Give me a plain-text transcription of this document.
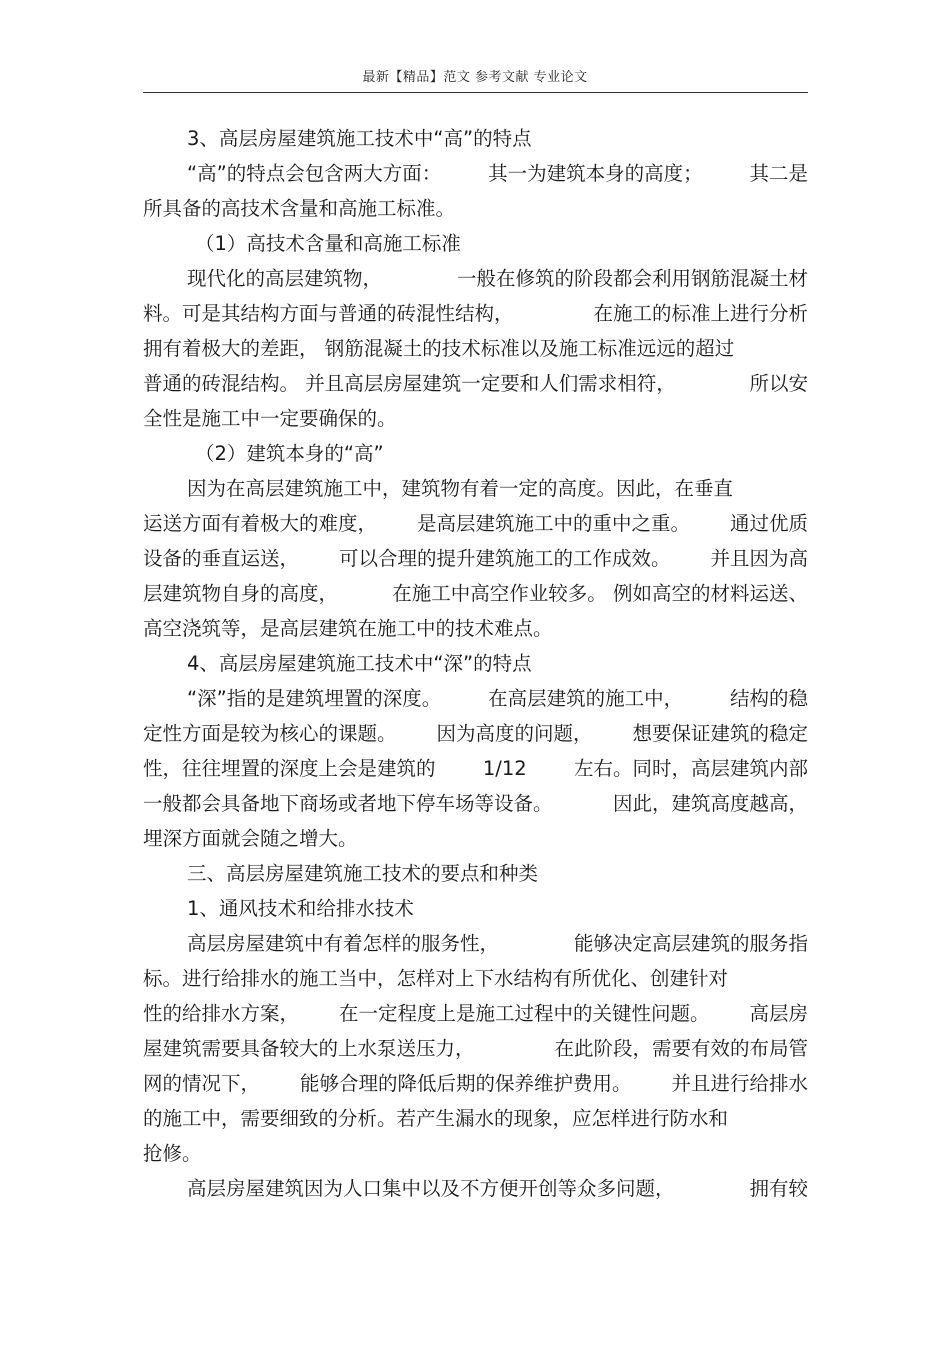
最新【精品】范文 参考文献 专业论文
3、高层房屋建筑施工技术中“高”的特点
“高”的特点会包含两大方面： 其一为建筑本身的高度； 其二是
所具备的高技术含量和高施工标准。
（1）高技术含量和高施工标准
现代化的高层建筑物，	一般在修筑的阶段都会利用钢筋混凝土材
料。可是其结构方面与普通的砖混性结构，	在施工的标准上进行分析
拥有着极大的差距， 钢筋混凝土的技术标准以及施工标准远远的超过
普通的砖混结构。 并且高层房屋建筑一定要和人们需求相符，	所以安
全性是施工中一定要确保的。
（2）建筑本身的“高”
因为在高层建筑施工中，建筑物有着一定的高度。因此，在垂直
运送方面有着极大的难度， 是高层建筑施工中的重中之重。 通过优质
设备的垂直运送， 可以合理的提升建筑施工的工作成效。 并且因为高
层建筑物自身的高度，	在施工中高空作业较多。 例如高空的材料运送、
高空浇筑等，是高层建筑在施工中的技术难点。
4、高层房屋建筑施工技术中“深”的特点
“深”指的是建筑埋置的深度。 在高层建筑的施工中， 结构的稳
定性方面是较为核心的课题。 因为高度的问题， 想要保证建筑的稳定
性，往往埋置的深度上会是建筑的 1/12 左右。同时，高层建筑内部
一般都会具备地下商场或者地下停车场等设备。	因此，建筑高度越高，
埋深方面就会随之增大。
三、高层房屋建筑施工技术的要点和种类
1、通风技术和给排水技术
高层房屋建筑中有着怎样的服务性，	能够决定高层建筑的服务指
标。进行给排水的施工当中，怎样对上下水结构有所优化、创建针对
性的给排水方案， 在一定程度上是施工过程中的关键性问题。 高层房
屋建筑需要具备较大的上水泵送压力，	在此阶段，需要有效的布局管
网的情况下， 能够合理的降低后期的保养维护费用。 并且进行给排水
的施工中，需要细致的分析。若产生漏水的现象，应怎样进行防水和
抢修。
高层房屋建筑因为人口集中以及不方便开创等众多问题，	拥有较
